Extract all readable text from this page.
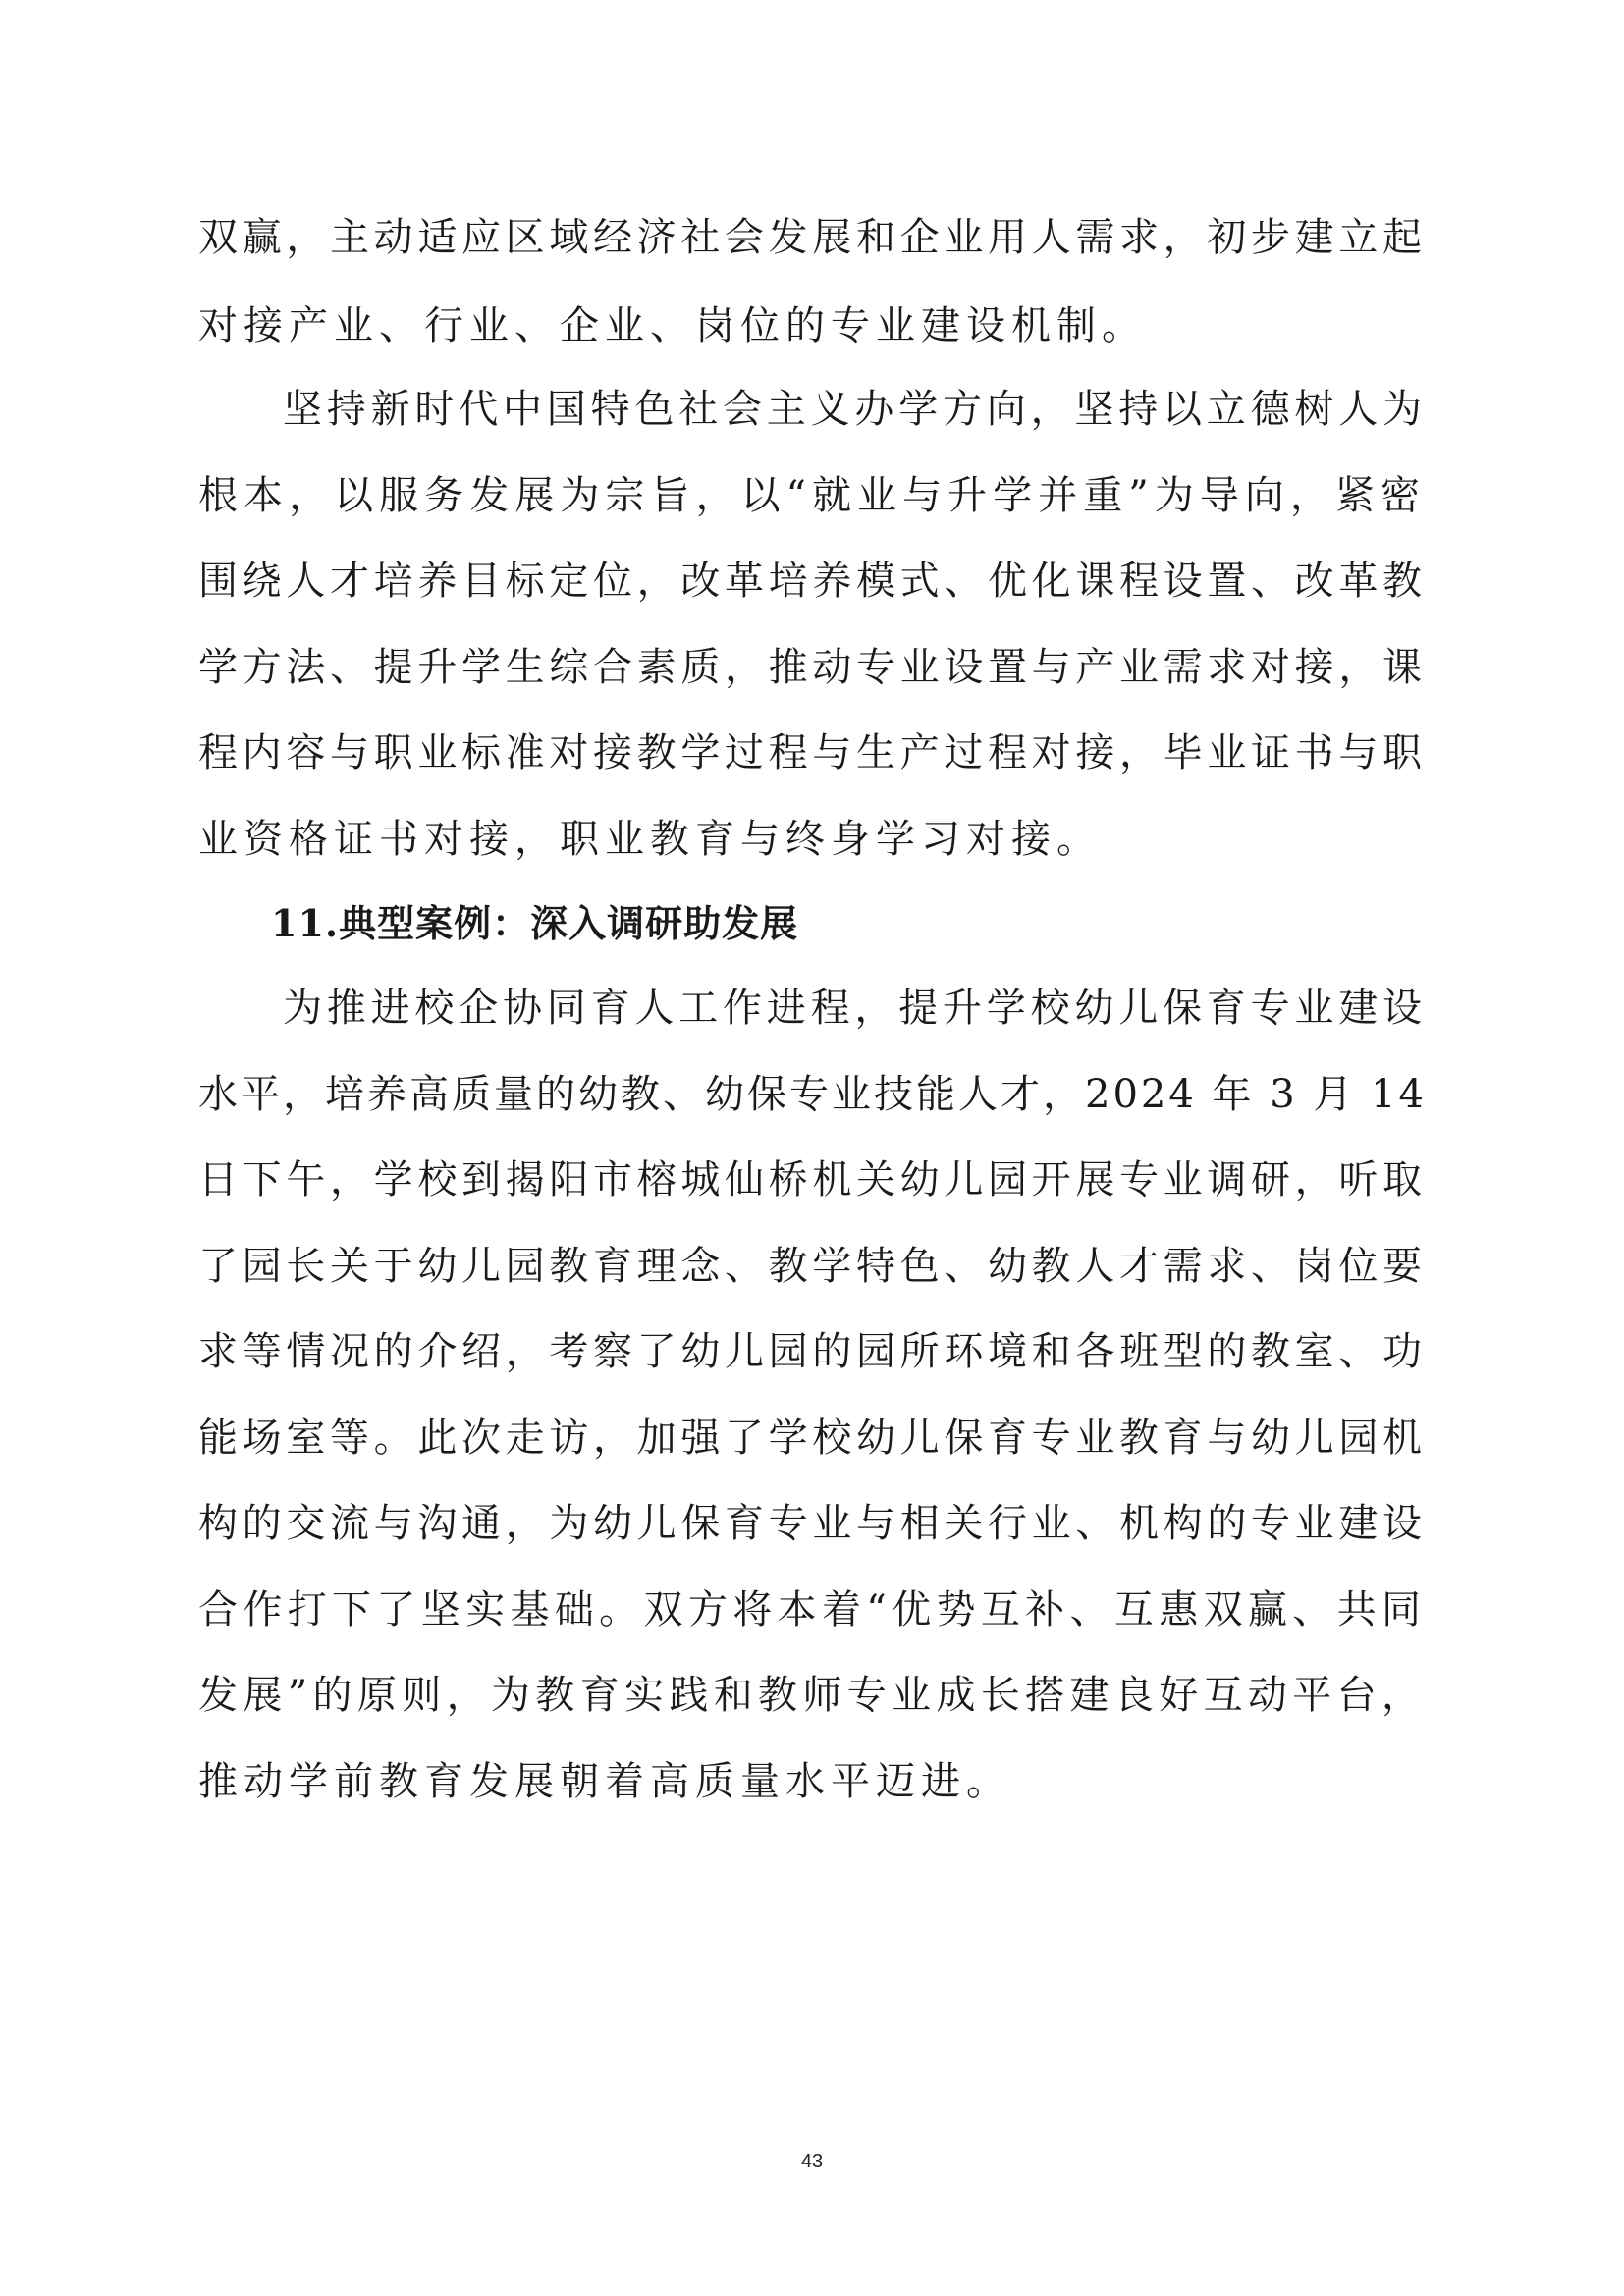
双赢，主动适应区域经济社会发展和企业用人需求，初步建立起

对接产业、行业、企业、岗位的专业建设机制。

坚持新时代中国特色社会主义办学方向，坚持以立德树人为

根本，以服务发展为宗旨，以“就业与升学并重”为导向，紧密

围绕人才培养目标定位，改革培养模式、优化课程设置、改革教

学方法、提升学生综合素质，推动专业设置与产业需求对接，课

程内容与职业标准对接教学过程与生产过程对接，毕业证书与职

业资格证书对接，职业教育与终身学习对接。

11.典型案例：深入调研助发展

为推进校企协同育人工作进程，提升学校幼儿保育专业建设

水平，培养高质量的幼教、幼保专业技能人才，2024 年 3 月 14

日下午，学校到揭阳市榕城仙桥机关幼儿园开展专业调研，听取

了园长关于幼儿园教育理念、教学特色、幼教人才需求、岗位要

求等情况的介绍，考察了幼儿园的园所环境和各班型的教室、功

能场室等。此次走访，加强了学校幼儿保育专业教育与幼儿园机

构的交流与沟通，为幼儿保育专业与相关行业、机构的专业建设

合作打下了坚实基础。双方将本着“优势互补、互惠双赢、共同

发展”的原则，为教育实践和教师专业成长搭建良好互动平台，

推动学前教育发展朝着高质量水平迈进。

43
